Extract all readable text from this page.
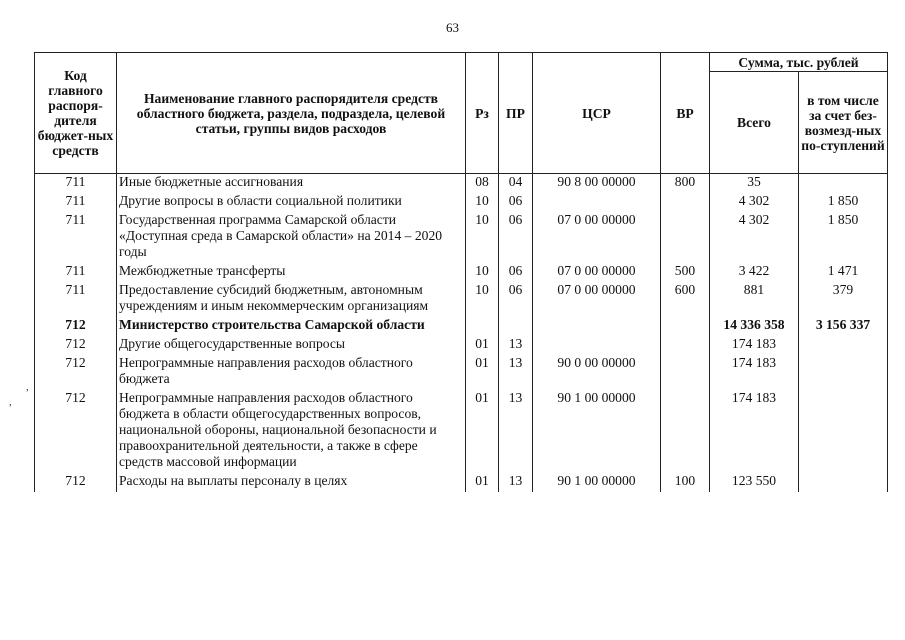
63
,
,
Код главного распоря-дителя бюджет-ных средств	Наименование главного распорядителя средств областного бюджета, раздела, подраздела, целевой статьи, группы видов расходов	Рз	ПР	ЦСР	ВР	Сумма, тыс. рублей	
						Всего	в том числе за счет без-возмезд-ных по-ступлений
711	Иные бюджетные ассигнования	08	04	90 8 00 00000	800	35	
711	Другие вопросы в области социальной политики	10	06			4 302	1 850
711	Государственная программа Самарской области «Доступная среда в Самарской области» на 2014 – 2020 годы	10	06	07 0 00 00000		4 302	1 850
711	Межбюджетные трансферты	10	06	07 0 00 00000	500	3 422	1 471
711	Предоставление субсидий бюджетным, автономным учреждениям и иным некоммерческим организациям	10	06	07 0 00 00000	600	881	379
712	Министерство строительства Самарской области					14 336 358	3 156 337
712	Другие общегосударственные вопросы	01	13			174 183	
712	Непрограммные направления расходов областного бюджета	01	13	90 0 00 00000		174 183	
712	Непрограммные направления расходов областного бюджета в области общегосударственных вопросов, национальной обороны, национальной безопасности и правоохранительной деятельности, а также в сфере средств массовой информации	01	13	90 1 00 00000		174 183	
712	Расходы на выплаты персоналу в целях	01	13	90 1 00 00000	100	123 550	
